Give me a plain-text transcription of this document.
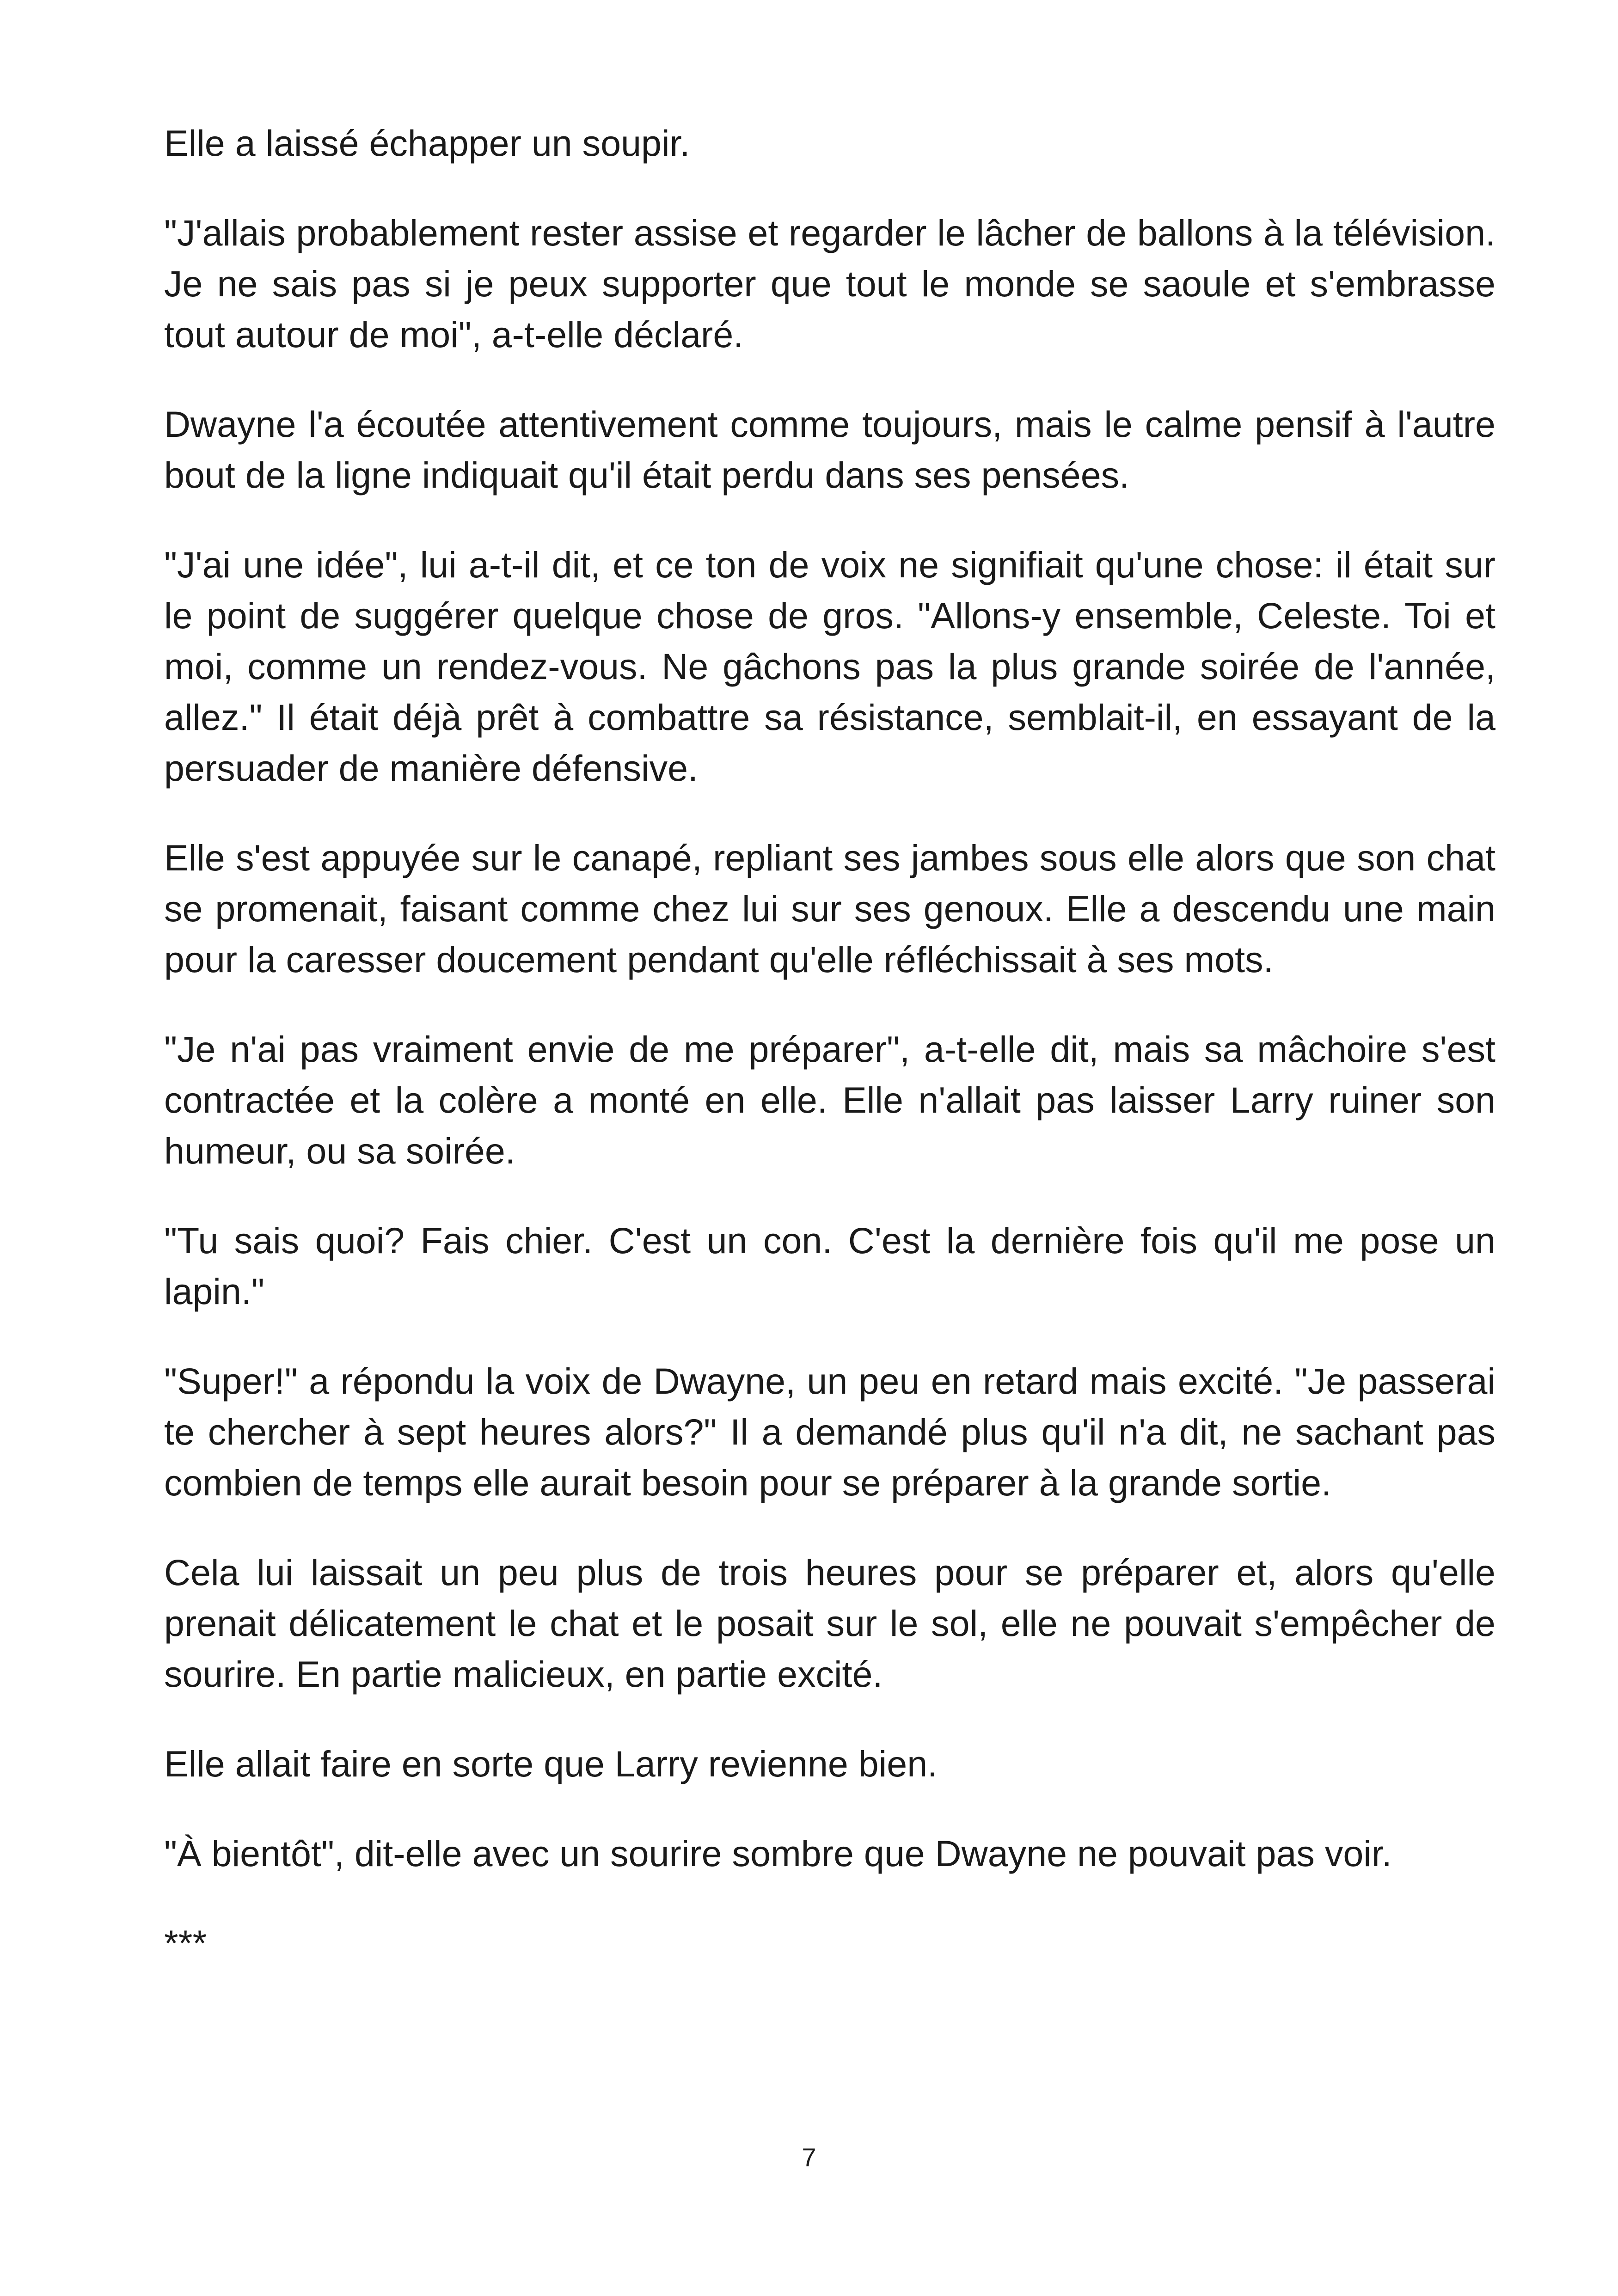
Elle a laissé échapper un soupir.

"J'allais probablement rester assise et regarder le lâcher de ballons à la télévision. Je ne sais pas si je peux supporter que tout le monde se saoule et s'embrasse tout autour de moi", a-t-elle déclaré.

Dwayne l'a écoutée attentivement comme toujours, mais le calme pensif à l'autre bout de la ligne indiquait qu'il était perdu dans ses pensées.

"J'ai une idée", lui a-t-il dit, et ce ton de voix ne signifiait qu'une chose: il était sur le point de suggérer quelque chose de gros. "Allons-y ensemble, Celeste. Toi et moi, comme un rendez-vous. Ne gâchons pas la plus grande soirée de l'année, allez." Il était déjà prêt à combattre sa résistance, semblait-il, en essayant de la persuader de manière défensive.

Elle s'est appuyée sur le canapé, repliant ses jambes sous elle alors que son chat se promenait, faisant comme chez lui sur ses genoux. Elle a descendu une main pour la caresser doucement pendant qu'elle réfléchissait à ses mots.

"Je n'ai pas vraiment envie de me préparer", a-t-elle dit, mais sa mâchoire s'est contractée et la colère a monté en elle. Elle n'allait pas laisser Larry ruiner son humeur, ou sa soirée.

"Tu sais quoi? Fais chier. C'est un con. C'est la dernière fois qu'il me pose un lapin."

"Super!" a répondu la voix de Dwayne, un peu en retard mais excité. "Je passerai te chercher à sept heures alors?" Il a demandé plus qu'il n'a dit, ne sachant pas combien de temps elle aurait besoin pour se préparer à la grande sortie.

Cela lui laissait un peu plus de trois heures pour se préparer et, alors qu'elle prenait délicatement le chat et le posait sur le sol, elle ne pouvait s'empêcher de sourire. En partie malicieux, en partie excité.

Elle allait faire en sorte que Larry revienne bien.

"À bientôt", dit-elle avec un sourire sombre que Dwayne ne pouvait pas voir.

***

7
